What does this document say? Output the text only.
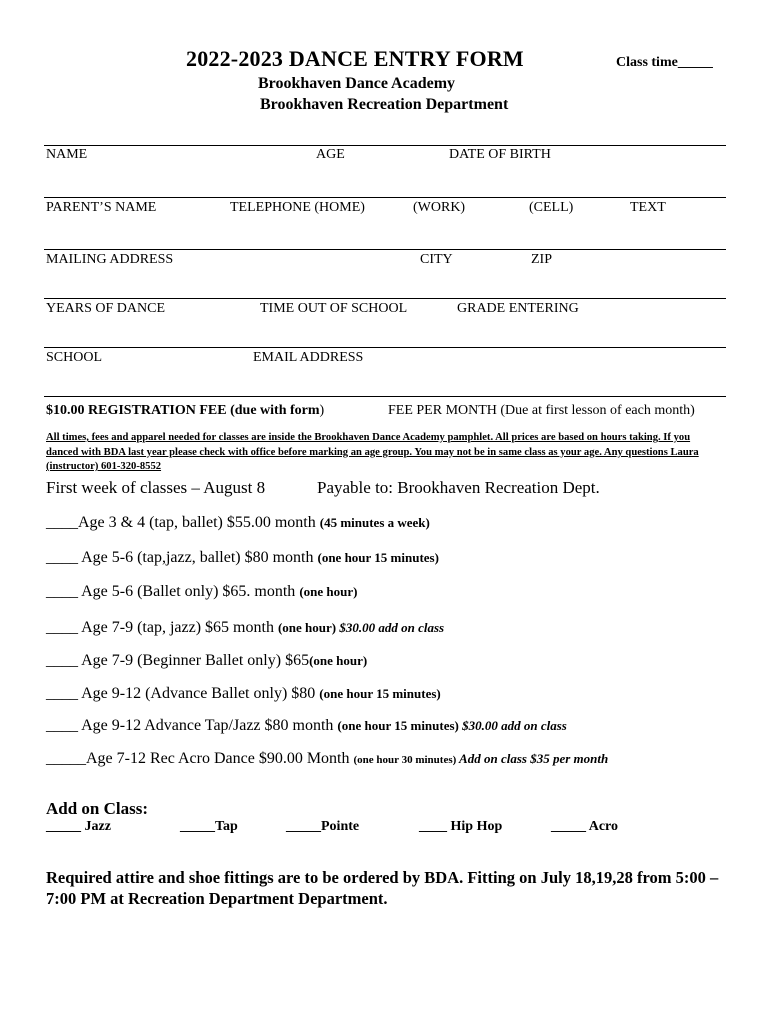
2022-2023 DANCE ENTRY FORM	Class time_____
Brookhaven Dance Academy
Brookhaven Recreation Department
NAME	AGE	DATE OF BIRTH
PARENT’S NAME	TELEPHONE (HOME)	(WORK)	(CELL)	TEXT
MAILING ADDRESS	CITY	ZIP
YEARS OF DANCE	TIME OUT OF SCHOOL	GRADE ENTERING
SCHOOL	EMAIL ADDRESS
$10.00 REGISTRATION FEE (due with form)	FEE PER MONTH (Due at first lesson of each month)
All times, fees and apparel needed for classes are inside the Brookhaven Dance Academy pamphlet. All prices are based on hours taking. If you danced with BDA last year please check with office before marking an age group. You may not be in same class as your age. Any questions Laura (instructor) 601-320-8552
First week of classes – August 8	Payable to: Brookhaven Recreation Dept.
____Age 3 & 4 (tap, ballet) $55.00 month (45 minutes a week)
____ Age 5-6 (tap,jazz, ballet) $80 month (one hour 15 minutes)
____ Age 5-6 (Ballet only) $65. month (one hour)
____ Age 7-9 (tap, jazz) $65 month (one hour) $30.00 add on class
____ Age 7-9 (Beginner Ballet only) $65(one hour)
____ Age 9-12 (Advance Ballet only) $80 (one hour 15 minutes)
____ Age 9-12 Advance Tap/Jazz $80 month (one hour 15 minutes) $30.00 add on class
_____Age 7-12 Rec Acro Dance $90.00 Month (one hour 30 minutes) Add on class $35 per month
Add on Class:
_____ Jazz	_____Tap	_____Pointe	____ Hip Hop	_____ Acro
Required attire and shoe fittings are to be ordered by BDA. Fitting on July 18,19,28 from 5:00 – 7:00 PM at Recreation Department Department.
